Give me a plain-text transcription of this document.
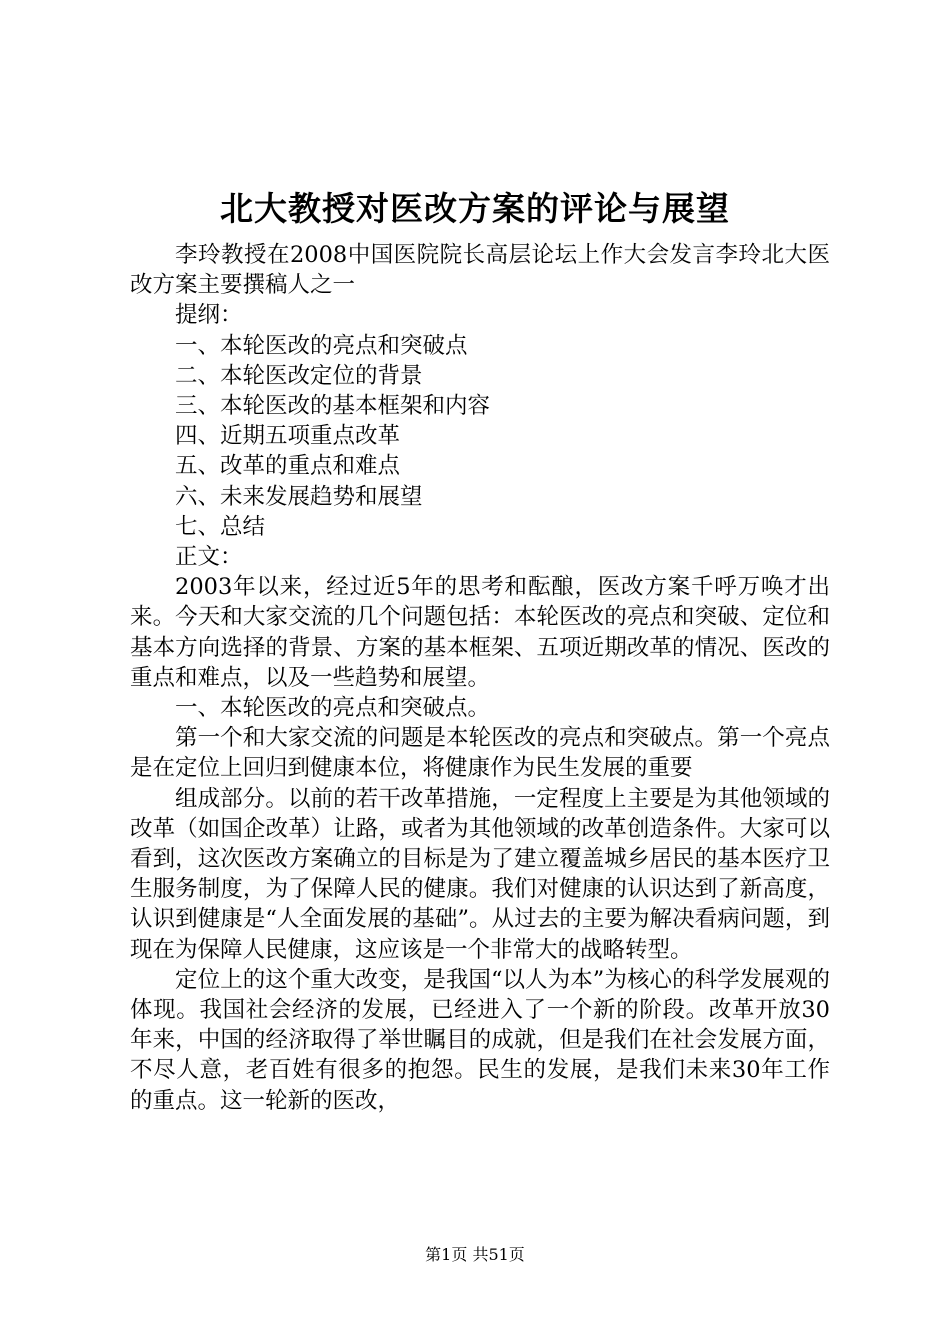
北大教授对医改方案的评论与展望

李玲教授在2008中国医院院长高层论坛上作大会发言李玲北大医改方案主要撰稿人之一

提纲：

一、本轮医改的亮点和突破点

二、本轮医改定位的背景

三、本轮医改的基本框架和内容

四、近期五项重点改革

五、改革的重点和难点

六、未来发展趋势和展望

七、总结

正文：

2003年以来，经过近5年的思考和酝酿，医改方案千呼万唤才出来。今天和大家交流的几个问题包括：本轮医改的亮点和突破、定位和基本方向选择的背景、方案的基本框架、五项近期改革的情况、医改的重点和难点，以及一些趋势和展望。

一、本轮医改的亮点和突破点。

第一个和大家交流的问题是本轮医改的亮点和突破点。第一个亮点是在定位上回归到健康本位，将健康作为民生发展的重要

组成部分。以前的若干改革措施，一定程度上主要是为其他领域的改革（如国企改革）让路，或者为其他领域的改革创造条件。大家可以看到，这次医改方案确立的目标是为了建立覆盖城乡居民的基本医疗卫生服务制度，为了保障人民的健康。我们对健康的认识达到了新高度，认识到健康是“人全面发展的基础”。从过去的主要为解决看病问题，到现在为保障人民健康，这应该是一个非常大的战略转型。

定位上的这个重大改变，是我国“以人为本”为核心的科学发展观的体现。我国社会经济的发展，已经进入了一个新的阶段。改革开放30年来，中国的经济取得了举世瞩目的成就，但是我们在社会发展方面，不尽人意，老百姓有很多的抱怨。民生的发展，是我们未来30年工作的重点。这一轮新的医改，

第1页 共51页
